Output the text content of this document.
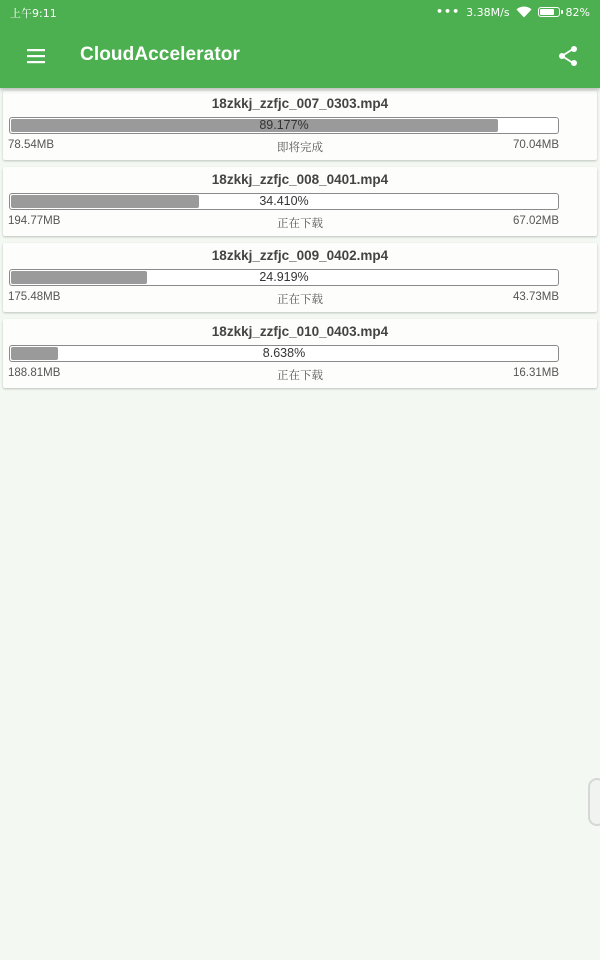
上午9:11	••• 3.38M/s	82%
CloudAccelerator
18zkkj_zzfjc_007_0303.mp4
89.177%
78.54MB	即将完成	70.04MB
18zkkj_zzfjc_008_0401.mp4
34.410%
194.77MB	正在下载	67.02MB
18zkkj_zzfjc_009_0402.mp4
24.919%
175.48MB	正在下载	43.73MB
18zkkj_zzfjc_010_0403.mp4
8.638%
188.81MB	正在下载	16.31MB
